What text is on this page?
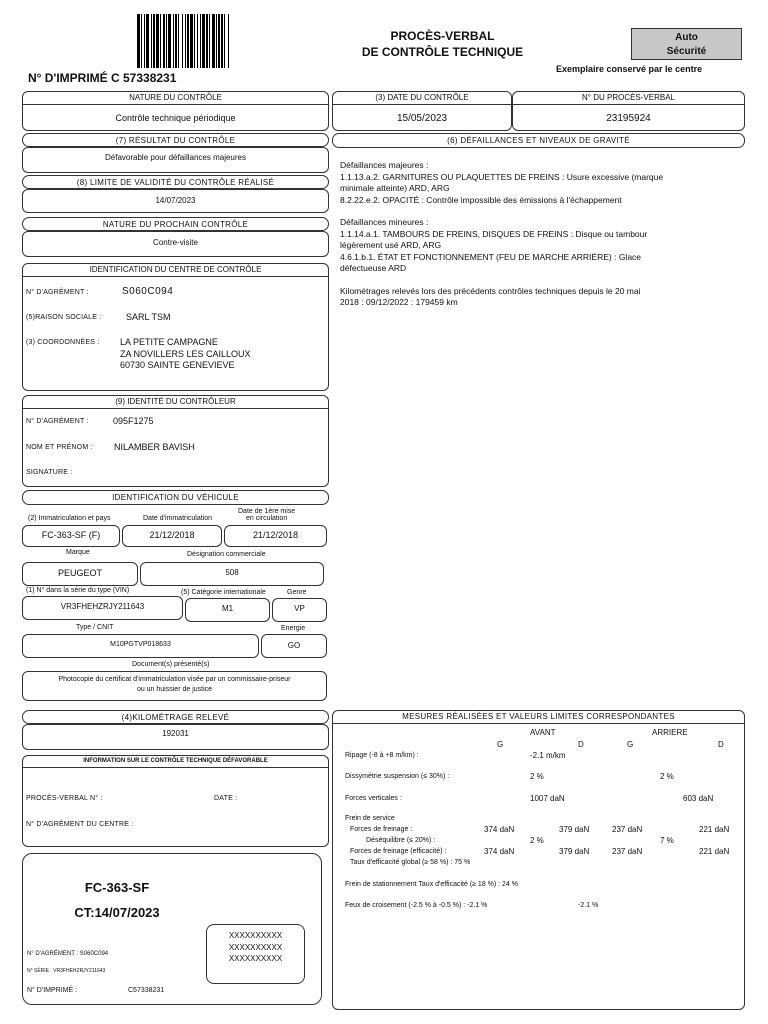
N° D'IMPRIMÉ C 57338231
PROCÈS-VERBAL
DE CONTRÔLE TECHNIQUE
Auto
Sécurité
Exemplaire conservé par le centre
NATURE DU CONTRÔLE
Contrôle technique périodique
(3) DATE DU CONTRÔLE
15/05/2023
N° DU PROCÈS-VERBAL
23195924
(7) RÉSULTAT DU CONTRÔLE
Défavorable pour défaillances majeures
(8) LIMITE DE VALIDITÉ DU CONTRÔLE RÉALISÉ
14/07/2023
NATURE DU PROCHAIN CONTRÔLE
Contre-visite
(6) DÉFAILLANCES ET NIVEAUX DE GRAVITÉ
Défaillances majeures :
1.1.13.a.2. GARNITURES OU PLAQUETTES DE FREINS : Usure excessive (marque
minimale atteinte) ARD, ARG
8.2.22.e.2. OPACITÉ : Contrôle impossible des émissions à l'échappement
Défaillances mineures :
1.1.14.a.1. TAMBOURS DE FREINS, DISQUES DE FREINS : Disque ou tambour
légèrement usé ARD, ARG
4.6.1.b.1. ÉTAT ET FONCTIONNEMENT (FEU DE MARCHE ARRIÈRE) : Glace
défectueuse ARD
Kilométrages relevés lors des précédents contrôles techniques depuis le 20 mai
2018 : 09/12/2022 : 179459 km
IDENTIFICATION DU CENTRE DE CONTRÔLE
N° D'AGRÉMENT :	S060C094
(5)RAISON SOCIALE :	SARL TSM
(3) COORDONNÉES : LA PETITE CAMPAGNE
ZA NOVILLERS LES CAILLOUX
60730 SAINTE GENEVIEVE
(9) IDENTITÉ DU CONTRÔLEUR
N° D'AGRÉMENT :	095F1275
NOM ET PRÉNOM : NILAMBER BAVISH
SIGNATURE :
IDENTIFICATION DU VÉHICULE
(2) Immatriculation et pays	Date d'immatriculation
Date de 1ère mise
en circulation
FC-363-SF (F)	21/12/2018	21/12/2018
Marque	Désignation commerciale
PEUGEOT	508
(1) N° dans la série du type (VIN)	(5) Catégorie internationale	Genre
VR3FHEHZRJY211643	M1	VP
Type / CNIT	Energie
M10PGTVP018633	GO
Document(s) présenté(s)
Photocopie du certificat d'immatriculation visée par un commissaire-priseur
ou un huissier de justice
(4)KILOMÉTRAGE RELEVÉ
192031
INFORMATION SUR LE CONTRÔLE TECHNIQUE DÉFAVORABLE
PROCÈS-VERBAL N° :	DATE :
N° D'AGRÉMENT DU CENTRE :
FC-363-SF
CT:14/07/2023
N° D'AGRÉMENT : S060C094
N° SÉRIE : VR3FHEHZRJY211643
N° D'IMPRIMÉ :	C57338231
XXXXXXXXXX
XXXXXXXXXX
XXXXXXXXXX
MESURES RÉALISÉES ET VALEURS LIMITES CORRESPONDANTES
AVANT	ARRIERE
G	D	G	D
Ripage (-8 à +8 m/km) :	-2.1 m/km
Dissymétrie suspension (≤ 30%) :	2 %	2 %
Forces verticales :	1007 daN	603 daN
Frein de service
Forces de freinage :	374 daN	379 daN	237 daN	221 daN
Déséquilibre (≤ 20%) :	2 %	7 %
Forces de freinage (efficacité) :	374 daN	379 daN	237 daN	221 daN
Taux d'efficacité global (≥ 58 %) : 75 %
Frein de stationnement Taux d'efficacité (≥ 18 %) : 24 %
Feux de croisement (-2.5 % à -0.5 %) : -2.1 %	-2.1 %
